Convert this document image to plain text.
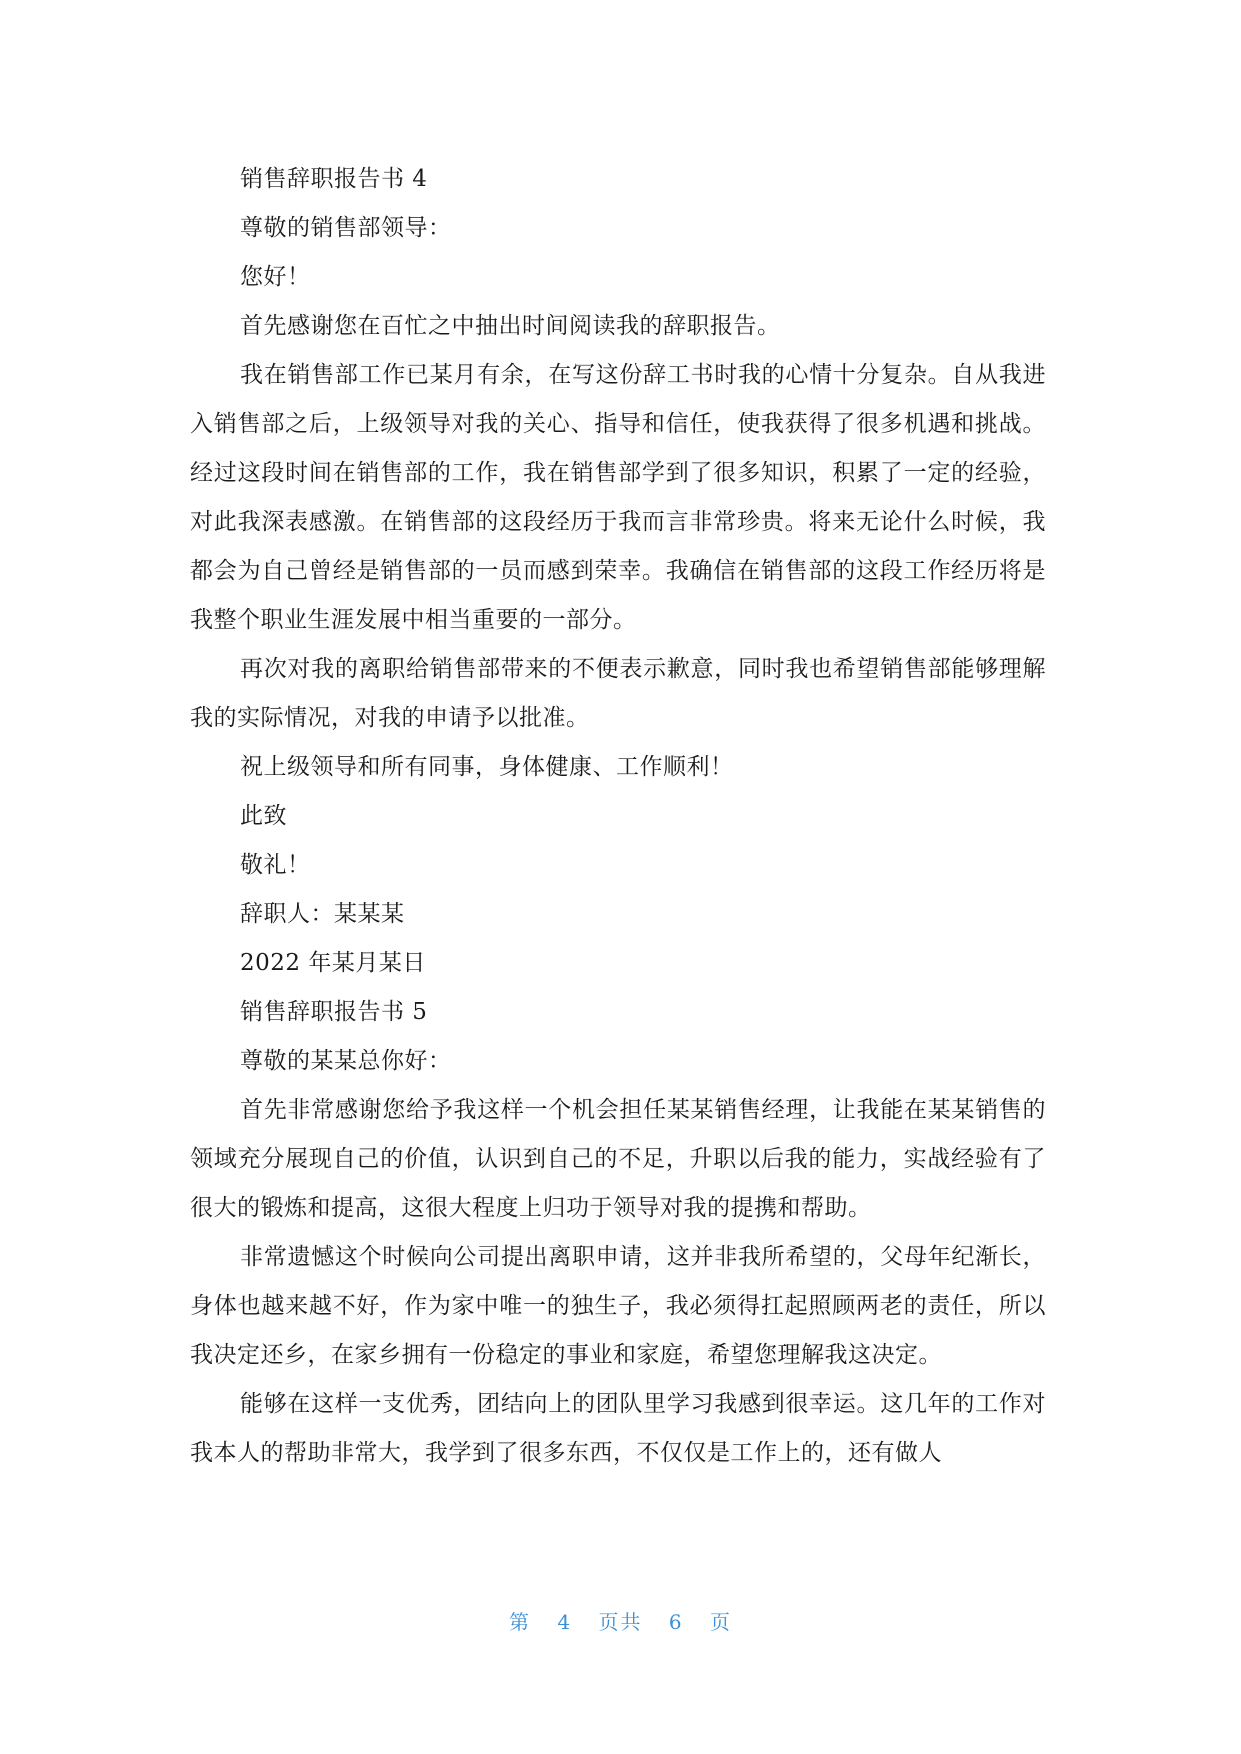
销售辞职报告书 4
尊敬的销售部领导：
您好！
首先感谢您在百忙之中抽出时间阅读我的辞职报告。
我在销售部工作已某月有余，在写这份辞工书时我的心情十分复杂。自从我进入销售部之后，上级领导对我的关心、指导和信任，使我获得了很多机遇和挑战。经过这段时间在销售部的工作，我在销售部学到了很多知识，积累了一定的经验，对此我深表感激。在销售部的这段经历于我而言非常珍贵。将来无论什么时候，我都会为自己曾经是销售部的一员而感到荣幸。我确信在销售部的这段工作经历将是我整个职业生涯发展中相当重要的一部分。
再次对我的离职给销售部带来的不便表示歉意，同时我也希望销售部能够理解我的实际情况，对我的申请予以批准。
祝上级领导和所有同事，身体健康、工作顺利！
此致
敬礼！
辞职人：某某某
2022 年某月某日
销售辞职报告书 5
尊敬的某某总你好：
首先非常感谢您给予我这样一个机会担任某某销售经理，让我能在某某销售的领域充分展现自己的价值，认识到自己的不足，升职以后我的能力，实战经验有了很大的锻炼和提高，这很大程度上归功于领导对我的提携和帮助。
非常遗憾这个时候向公司提出离职申请，这并非我所希望的，父母年纪渐长，身体也越来越不好，作为家中唯一的独生子，我必须得扛起照顾两老的责任，所以我决定还乡，在家乡拥有一份稳定的事业和家庭，希望您理解我这决定。
能够在这样一支优秀，团结向上的团队里学习我感到很幸运。这几年的工作对我本人的帮助非常大，我学到了很多东西，不仅仅是工作上的，还有做人
第 4 页共 6 页
